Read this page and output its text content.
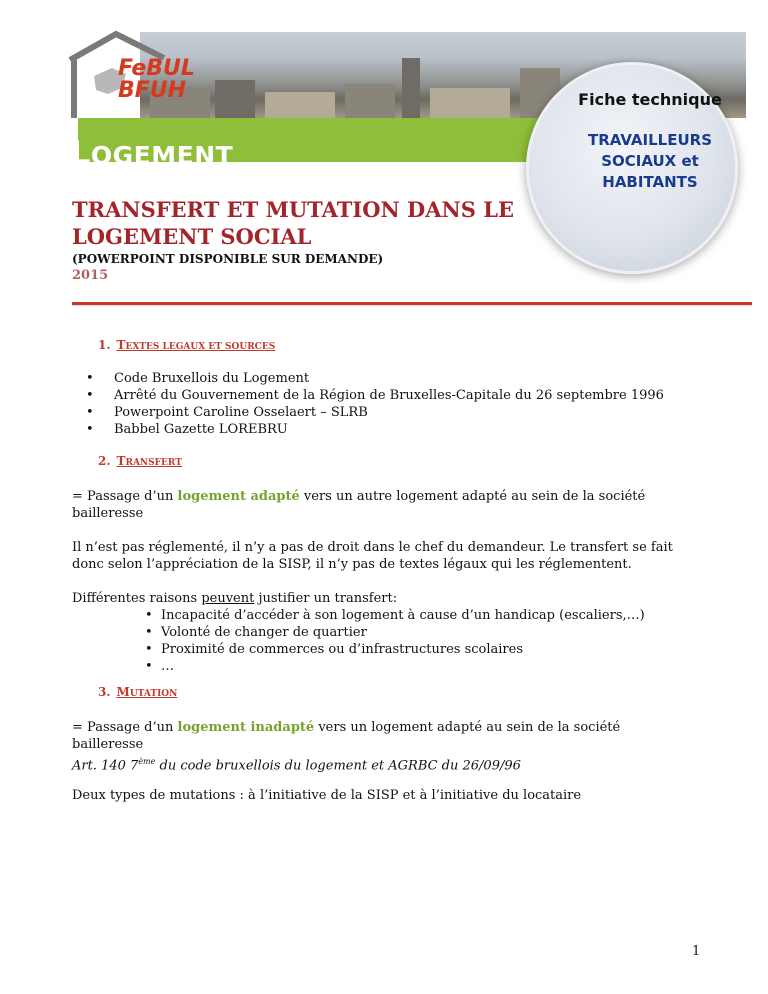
LOGEMENT
FeBUL
BFUH	Fiche technique
TRAVAILLEURS
SOCIAUX et
HABITANTS
TRANSFERT ET MUTATION DANS LE LOGEMENT SOCIAL
(POWERPOINT DISPONIBLE SUR DEMANDE)
2015
1. TEXTES LEGAUX ET SOURCES
• Code Bruxellois du Logement
• Arrêté du Gouvernement de la Région de Bruxelles-Capitale du 26 septembre 1996
• Powerpoint Caroline Osselaert – SLRB
• Babbel Gazette LOREBRU
2. TRANSFERT
= Passage d’un logement adapté vers un autre logement adapté au sein de la société bailleresse
Il n’est pas réglementé, il n’y a pas de droit dans le chef du demandeur. Le transfert se fait donc selon l’appréciation de la SISP, il n’y pas de textes légaux qui les réglementent.
Différentes raisons peuvent justifier un transfert:
• Incapacité d’accéder à son logement à cause d’un handicap (escaliers,…)
• Volonté de changer de quartier
• Proximité de commerces ou d’infrastructures scolaires
• …
3. MUTATION
= Passage d’un logement inadapté vers un logement adapté au sein de la société bailleresse
Art. 140 7ème du code bruxellois du logement et AGRBC du 26/09/96
Deux types de mutations : à l’initiative de la SISP et à l’initiative du locataire
1
